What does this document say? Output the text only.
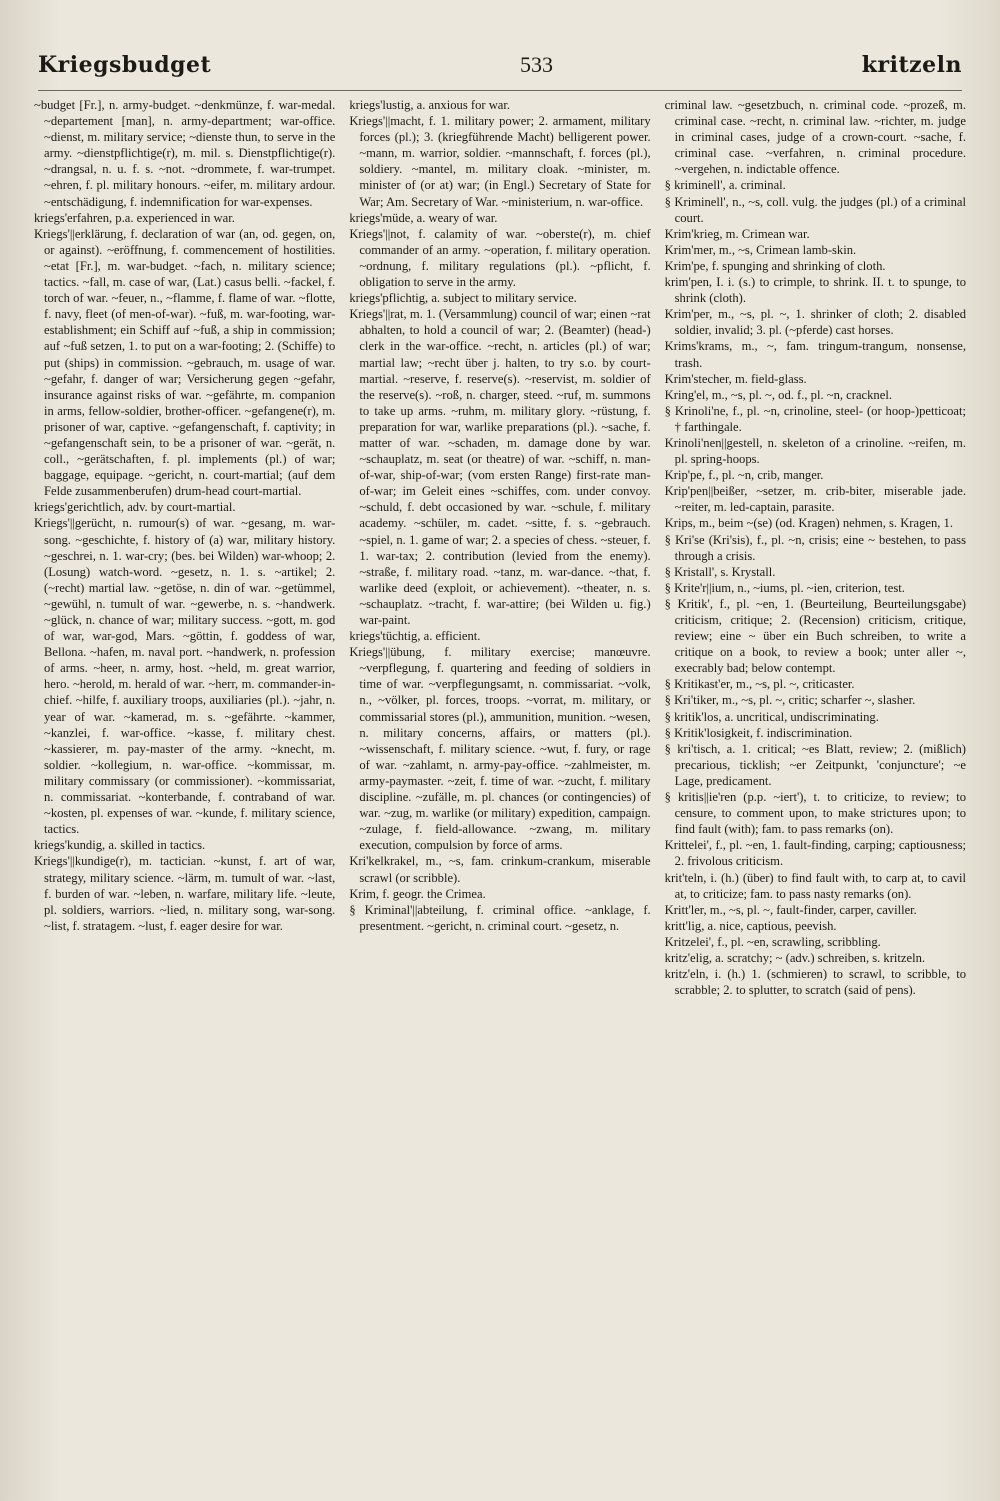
Kriegsbudget	533	kritzeln

~budget [Fr.], n. army-budget. ~denkmünze, f. war-medal. ~departement [man], n. army-department; war-office. ~dienst, m. military service; ~dienste thun, to serve in the army. ~dienstpflichtige(r), m. mil. s. Dienstpflichtige(r). ~drangsal, n. u. f. s. ~not. ~drommete, f. war-trumpet. ~ehren, f. pl. military honours. ~eifer, m. military ardour. ~entschädigung, f. indemnification for war-expenses.

kriegs'erfahren, p.a. experienced in war.

Kriegs'||erklärung, f. declaration of war (an, od. gegen, on, or against). ~eröffnung, f. commencement of hostilities. ~etat [Fr.], m. war-budget. ~fach, n. military science; tactics. ~fall, m. case of war, (Lat.) casus belli. ~fackel, f. torch of war. ~feuer, n., ~flamme, f. flame of war. ~flotte, f. navy, fleet (of men-of-war). ~fuß, m. war-footing, war-establishment; ein Schiff auf ~fuß, a ship in commission; auf ~fuß setzen, 1. to put on a war-footing; 2. (Schiffe) to put (ships) in commission. ~gebrauch, m. usage of war. ~gefahr, f. danger of war; Versicherung gegen ~gefahr, insurance against risks of war. ~gefährte, m. companion in arms, fellow-soldier, brother-officer. ~gefangene(r), m. prisoner of war, captive. ~gefangenschaft, f. captivity; in ~gefangenschaft sein, to be a prisoner of war. ~gerät, n. coll., ~gerätschaften, f. pl. implements (pl.) of war; baggage, equipage. ~gericht, n. court-martial; (auf dem Felde zusammenberufen) drum-head court-martial.

kriegs'gerichtlich, adv. by court-martial.

Kriegs'||gerücht, n. rumour(s) of war. ~gesang, m. war-song. ~geschichte, f. history of (a) war, military history. ~geschrei, n. 1. war-cry; (bes. bei Wilden) war-whoop; 2. (Losung) watch-word. ~gesetz, n. 1. s. ~artikel; 2. (~recht) martial law. ~getöse, n. din of war. ~getümmel, ~gewühl, n. tumult of war. ~gewerbe, n. s. ~handwerk. ~glück, n. chance of war; military success. ~gott, m. god of war, war-god, Mars. ~göttin, f. goddess of war, Bellona. ~hafen, m. naval port. ~handwerk, n. profession of arms. ~heer, n. army, host. ~held, m. great warrior, hero. ~herold, m. herald of war. ~herr, m. commander-in-chief. ~hilfe, f. auxiliary troops, auxiliaries (pl.). ~jahr, n. year of war. ~kamerad, m. s. ~gefährte. ~kammer, ~kanzlei, f. war-office. ~kasse, f. military chest. ~kassierer, m. pay-master of the army. ~knecht, m. soldier. ~kollegium, n. war-office. ~kommissar, m. military commissary (or commissioner). ~kommissariat, n. commissariat. ~konterbande, f. contraband of war. ~kosten, pl. expenses of war. ~kunde, f. military science, tactics.

kriegs'kundig, a. skilled in tactics.

Kriegs'||kundige(r), m. tactician. ~kunst, f. art of war, strategy, military science. ~lärm, m. tumult of war. ~last, f. burden of war. ~leben, n. warfare, military life. ~leute, pl. soldiers, warriors. ~lied, n. military song, war-song. ~list, f. stratagem. ~lust, f. eager desire for war.

kriegs'lustig, a. anxious for war.

Kriegs'||macht, f. 1. military power; 2. armament, military forces (pl.); 3. (kriegführende Macht) belligerent power. ~mann, m. warrior, soldier. ~mannschaft, f. forces (pl.), soldiery. ~mantel, m. military cloak. ~minister, m. minister of (or at) war; (in Engl.) Secretary of State for War; Am. Secretary of War. ~ministerium, n. war-office.

kriegs'müde, a. weary of war.

Kriegs'||not, f. calamity of war. ~oberste(r), m. chief commander of an army. ~operation, f. military operation. ~ordnung, f. military regulations (pl.). ~pflicht, f. obligation to serve in the army.

kriegs'pflichtig, a. subject to military service.

Kriegs'||rat, m. 1. (Versammlung) council of war; einen ~rat abhalten, to hold a council of war; 2. (Beamter) (head-) clerk in the war-office. ~recht, n. articles (pl.) of war; martial law; ~recht über j. halten, to try s.o. by court-martial. ~reserve, f. reserve(s). ~reservist, m. soldier of the reserve(s). ~roß, n. charger, steed. ~ruf, m. summons to take up arms. ~ruhm, m. military glory. ~rüstung, f. preparation for war, warlike preparations (pl.). ~sache, f. matter of war. ~schaden, m. damage done by war. ~schauplatz, m. seat (or theatre) of war. ~schiff, n. man-of-war, ship-of-war; (vom ersten Range) first-rate man-of-war; im Geleit eines ~schiffes, com. under convoy. ~schuld, f. debt occasioned by war. ~schule, f. military academy. ~schüler, m. cadet. ~sitte, f. s. ~gebrauch. ~spiel, n. 1. game of war; 2. a species of chess. ~steuer, f. 1. war-tax; 2. contribution (levied from the enemy). ~straße, f. military road. ~tanz, m. war-dance. ~that, f. warlike deed (exploit, or achievement). ~theater, n. s. ~schauplatz. ~tracht, f. war-attire; (bei Wilden u. fig.) war-paint.

kriegs'tüchtig, a. efficient.

Kriegs'||übung, f. military exercise; manœuvre. ~verpflegung, f. quartering and feeding of soldiers in time of war. ~verpflegungsamt, n. commissariat. ~volk, n., ~völker, pl. forces, troops. ~vorrat, m. military, or commissarial stores (pl.), ammunition, munition. ~wesen, n. military concerns, affairs, or matters (pl.). ~wissenschaft, f. military science. ~wut, f. fury, or rage of war. ~zahlamt, n. army-pay-office. ~zahlmeister, m. army-paymaster. ~zeit, f. time of war. ~zucht, f. military discipline. ~zufälle, m. pl. chances (or contingencies) of war. ~zug, m. warlike (or military) expedition, campaign. ~zulage, f. field-allowance. ~zwang, m. military execution, compulsion by force of arms.

Kri'kelkrakel, m., ~s, fam. crinkum-crankum, miserable scrawl (or scribble).

Krim, f. geogr. the Crimea.

§ Kriminal'||abteilung, f. criminal office. ~anklage, f. presentment. ~gericht, n. criminal court. ~gesetz, n.

criminal law. ~gesetzbuch, n. criminal code. ~prozeß, m. criminal case. ~recht, n. criminal law. ~richter, m. judge in criminal cases, judge of a crown-court. ~sache, f. criminal case. ~verfahren, n. criminal procedure. ~vergehen, n. indictable offence.

§ kriminell', a. criminal.

§ Kriminell', n., ~s, coll. vulg. the judges (pl.) of a criminal court.

Krim'krieg, m. Crimean war.

Krim'mer, m., ~s, Crimean lamb-skin.

Krim'pe, f. spunging and shrinking of cloth.

krim'pen, I. i. (s.) to crimple, to shrink. II. t. to spunge, to shrink (cloth).

Krim'per, m., ~s, pl. ~, 1. shrinker of cloth; 2. disabled soldier, invalid; 3. pl. (~pferde) cast horses.

Krims'krams, m., ~, fam. tringum-trangum, nonsense, trash.

Krim'stecher, m. field-glass.

Kring'el, m., ~s, pl. ~, od. f., pl. ~n, cracknel.

§ Krinoli'ne, f., pl. ~n, crinoline, steel- (or hoop-)petticoat; † farthingale.

Krinoli'nen||gestell, n. skeleton of a crinoline. ~reifen, m. pl. spring-hoops.

Krip'pe, f., pl. ~n, crib, manger.

Krip'pen||beißer, ~setzer, m. crib-biter, miserable jade. ~reiter, m. led-captain, parasite.

Krips, m., beim ~(se) (od. Kragen) nehmen, s. Kragen, 1.

§ Kri'se (Kri'sis), f., pl. ~n, crisis; eine ~ bestehen, to pass through a crisis.

§ Kristall', s. Krystall.

§ Krite'r||ium, n., ~iums, pl. ~ien, criterion, test.

§ Kritik', f., pl. ~en, 1. (Beurteilung, Beurteilungsgabe) criticism, critique; 2. (Recension) criticism, critique, review; eine ~ über ein Buch schreiben, to write a critique on a book, to review a book; unter aller ~, execrably bad; below contempt.

§ Kritikast'er, m., ~s, pl. ~, criticaster.

§ Kri'tiker, m., ~s, pl. ~, critic; scharfer ~, slasher.

§ kritik'los, a. uncritical, undiscriminating.

§ Kritik'losigkeit, f. indiscrimination.

§ kri'tisch, a. 1. critical; ~es Blatt, review; 2. (mißlich) precarious, ticklish; ~er Zeitpunkt, 'conjuncture'; ~e Lage, predicament.

§ kritis||ie'ren (p.p. ~iert'), t. to criticize, to review; to censure, to comment upon, to make strictures upon; to find fault (with); fam. to pass remarks (on).

Krittelei', f., pl. ~en, 1. fault-finding, carping; captiousness; 2. frivolous criticism.

krit'teln, i. (h.) (über) to find fault with, to carp at, to cavil at, to criticize; fam. to pass nasty remarks (on).

Kritt'ler, m., ~s, pl. ~, fault-finder, carper, caviller.

kritt'lig, a. nice, captious, peevish.

Kritzelei', f., pl. ~en, scrawling, scribbling.

kritz'elig, a. scratchy; ~ (adv.) schreiben, s. kritzeln.

kritz'eln, i. (h.) 1. (schmieren) to scrawl, to scribble, to scrabble; 2. to splutter, to scratch (said of pens).
